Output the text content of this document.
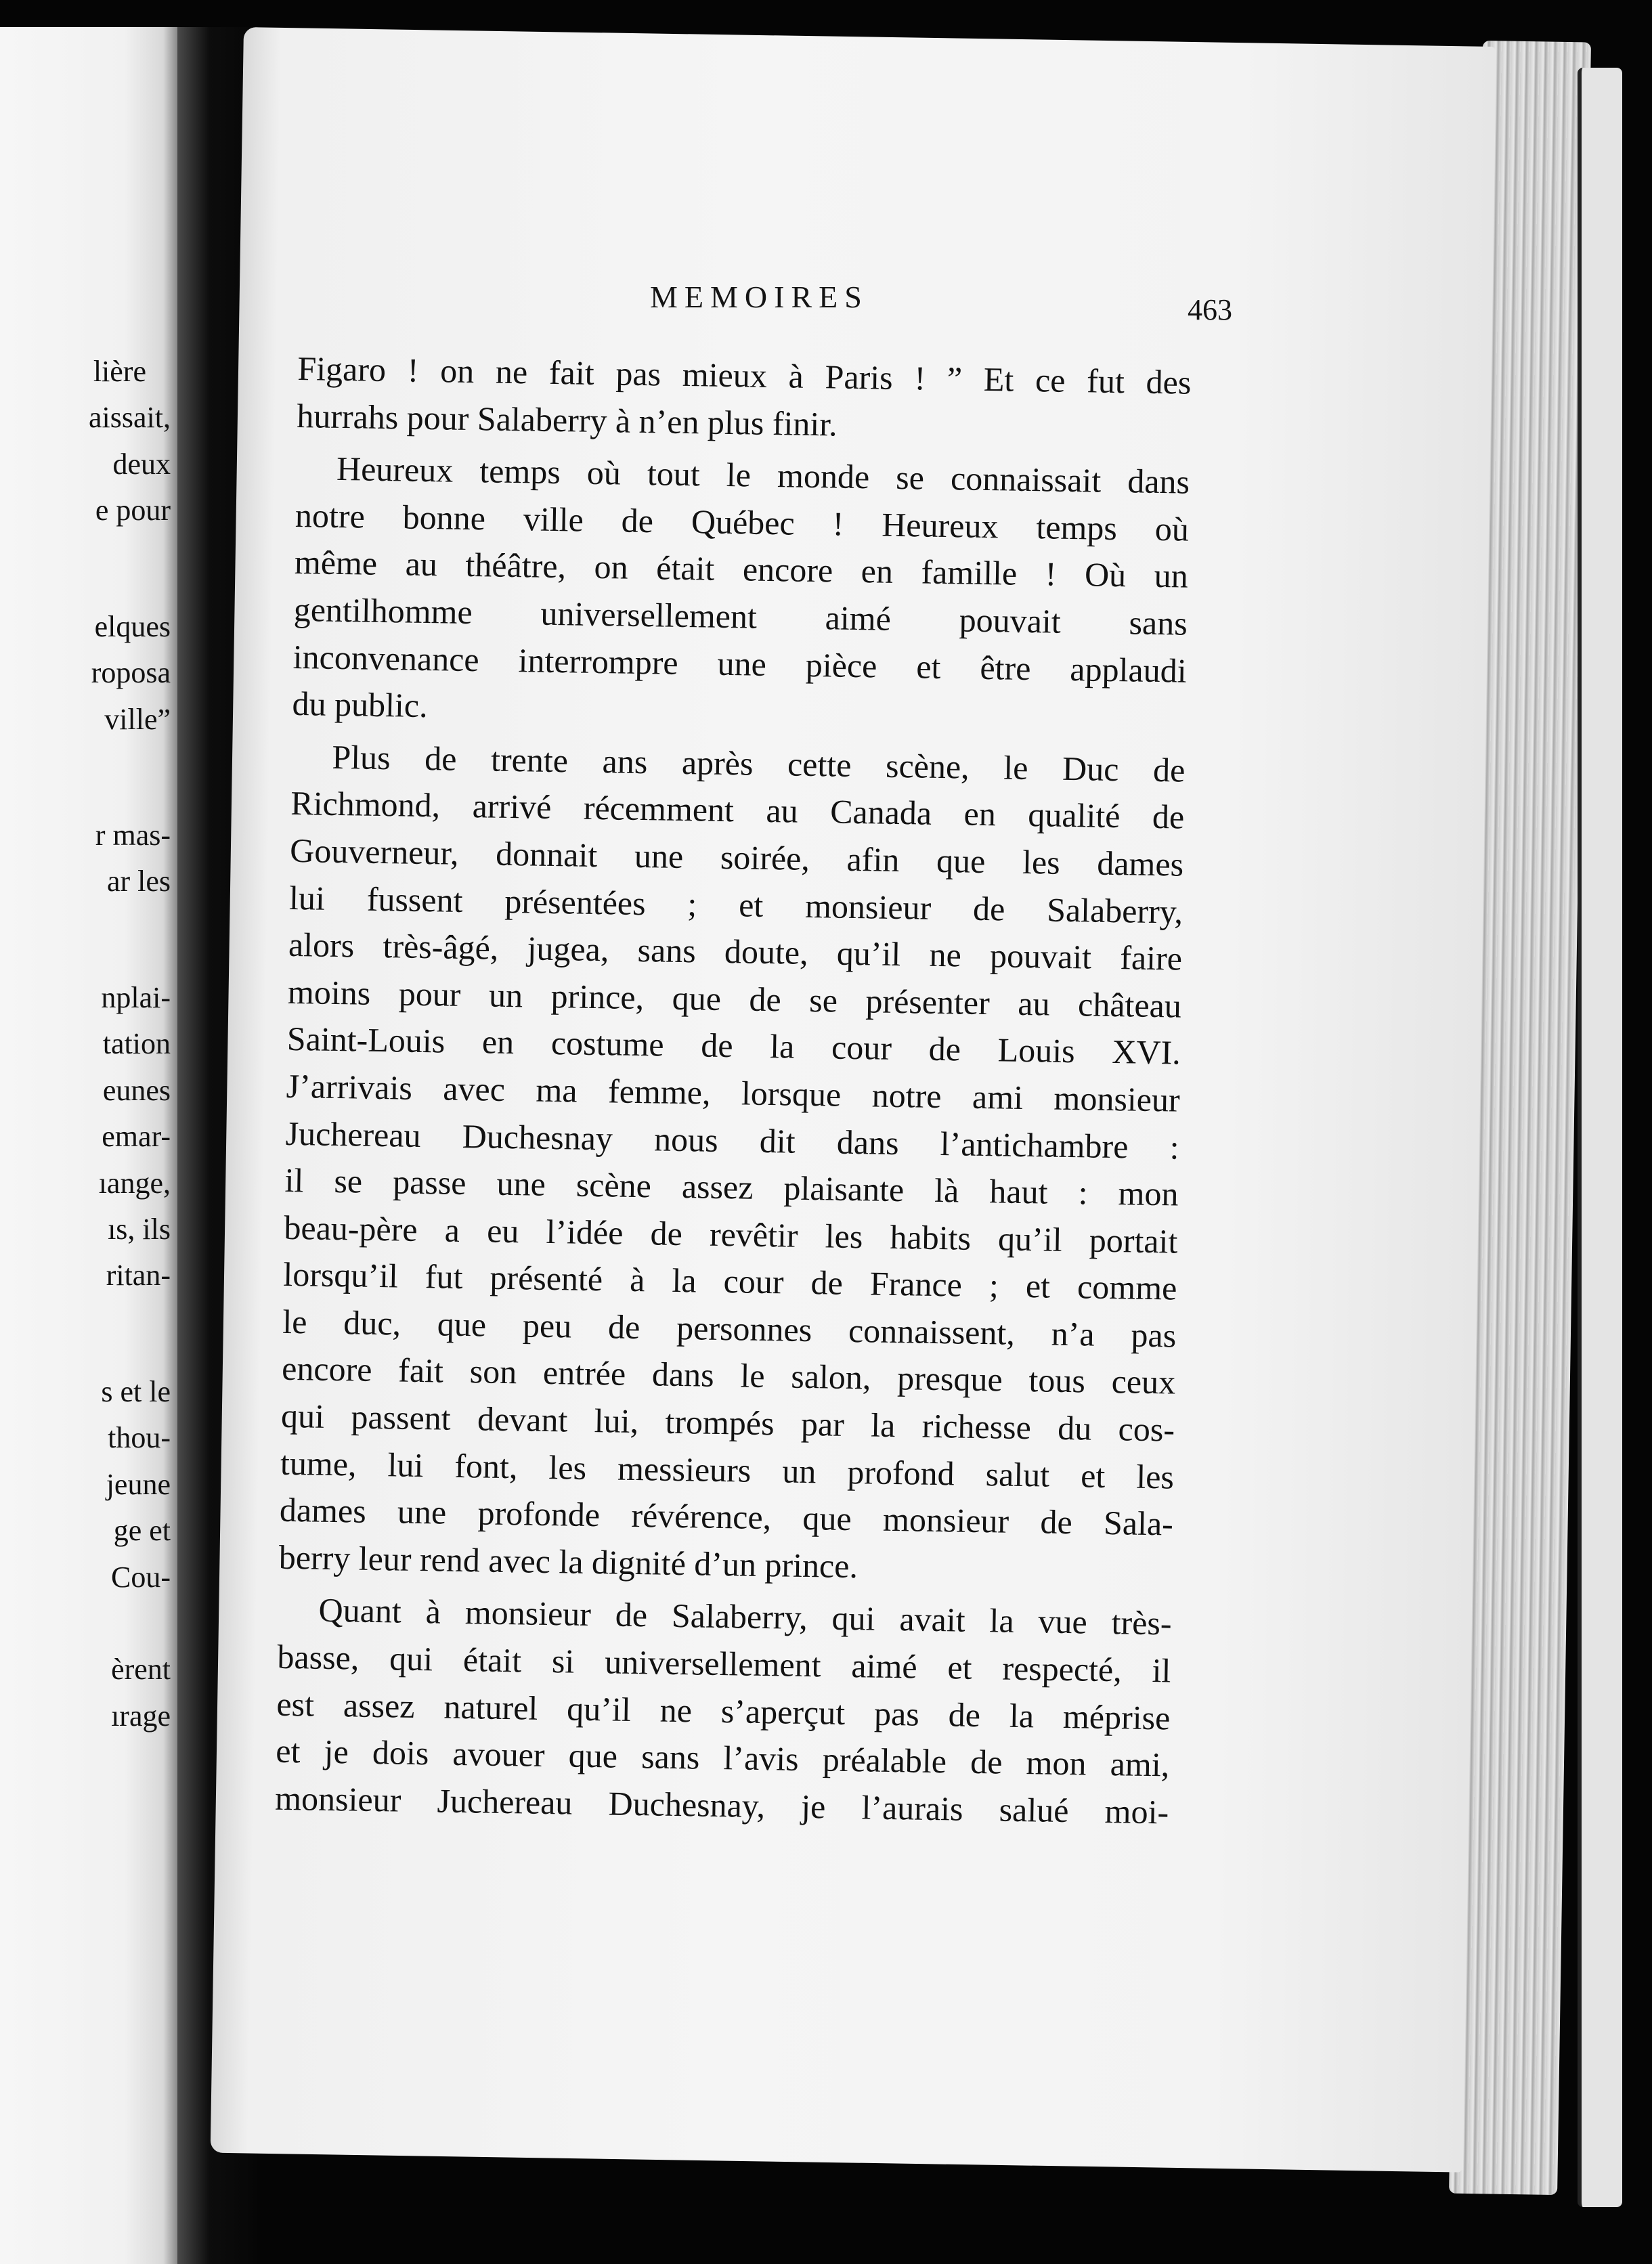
lière
aissait,
deux
e pour
elques
roposa
ville”
r mas-
ar les
nplai-
tation
eunes
emar-
ıange,
ıs, ils
ritan-
s et le
thou-
jeune
ge et
Cou-
èrent
ırage
MEMOIRES	463
Figaro ! on ne fait pas mieux à Paris ! ” Et ce fut des
hurrahs pour Salaberry à n’en plus finir.
Heureux temps où tout le monde se connaissait dans
notre bonne ville de Québec ! Heureux temps où
même au théâtre, on était encore en famille ! Où un
gentilhomme universellement aimé pouvait sans
inconvenance interrompre une pièce et être applaudi
du public.
Plus de trente ans après cette scène, le Duc de
Richmond, arrivé récemment au Canada en qualité de
Gouverneur, donnait une soirée, afin que les dames
lui fussent présentées ; et monsieur de Salaberry,
alors très-âgé, jugea, sans doute, qu’il ne pouvait faire
moins pour un prince, que de se présenter au château
Saint-Louis en costume de la cour de Louis XVI.
J’arrivais avec ma femme, lorsque notre ami monsieur
Juchereau Duchesnay nous dit dans l’antichambre :
il se passe une scène assez plaisante là haut : mon
beau-père a eu l’idée de revêtir les habits qu’il portait
lorsqu’il fut présenté à la cour de France ; et comme
le duc, que peu de personnes connaissent, n’a pas
encore fait son entrée dans le salon, presque tous ceux
qui passent devant lui, trompés par la richesse du cos-
tume, lui font, les messieurs un profond salut et les
dames une profonde révérence, que monsieur de Sala-
berry leur rend avec la dignité d’un prince.
Quant à monsieur de Salaberry, qui avait la vue très-
basse, qui était si universellement aimé et respecté, il
est assez naturel qu’il ne s’aperçut pas de la méprise
et je dois avouer que sans l’avis préalable de mon ami,
monsieur Juchereau Duchesnay, je l’aurais salué moi-
